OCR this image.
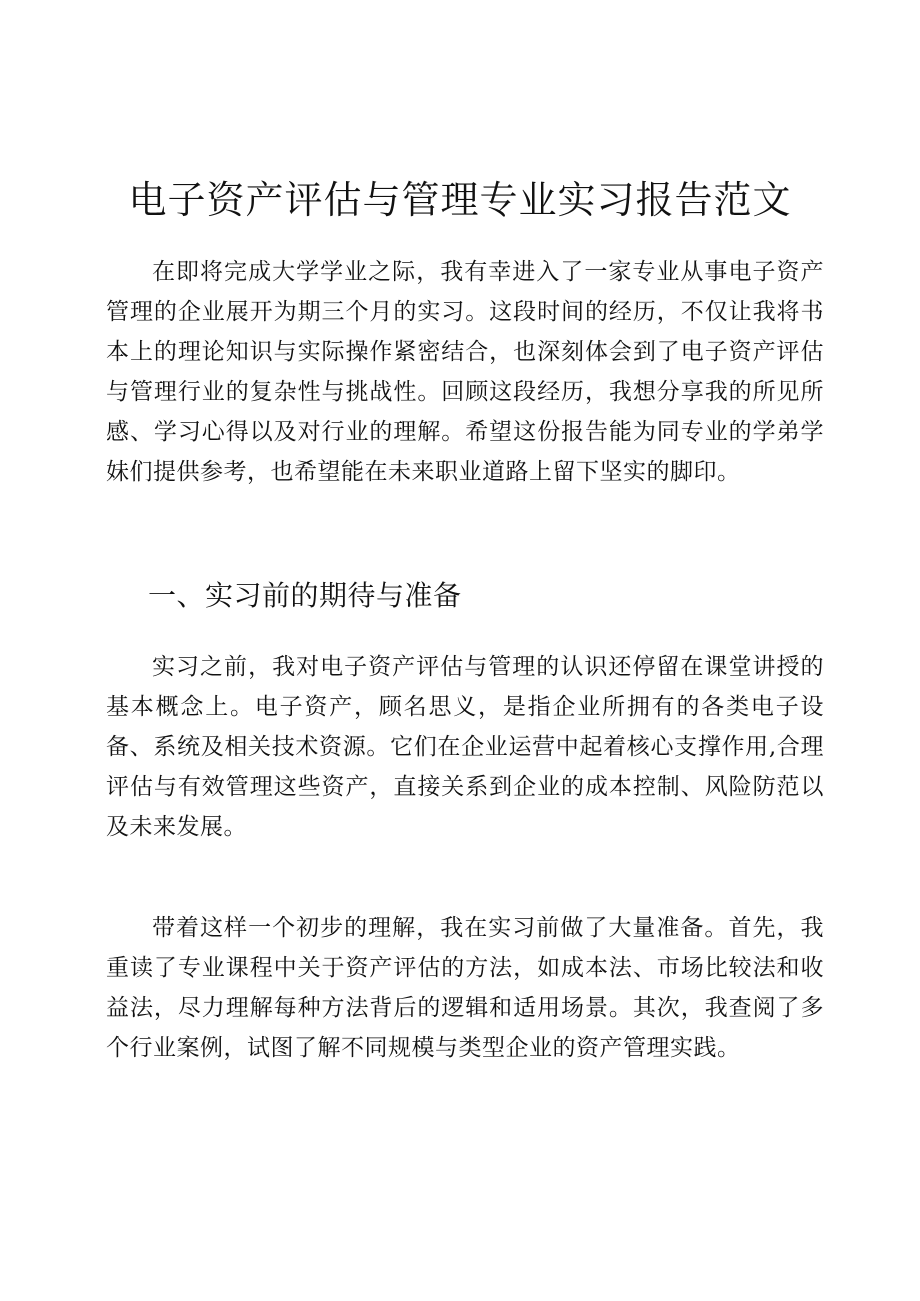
电子资产评估与管理专业实习报告范文

在即将完成大学学业之际，我有幸进入了一家专业从事电子资产管理的企业展开为期三个月的实习。这段时间的经历，不仅让我将书本上的理论知识与实际操作紧密结合，也深刻体会到了电子资产评估与管理行业的复杂性与挑战性。回顾这段经历，我想分享我的所见所感、学习心得以及对行业的理解。希望这份报告能为同专业的学弟学妹们提供参考，也希望能在未来职业道路上留下坚实的脚印。

一、实习前的期待与准备

实习之前，我对电子资产评估与管理的认识还停留在课堂讲授的基本概念上。电子资产，顾名思义，是指企业所拥有的各类电子设备、系统及相关技术资源。它们在企业运营中起着核心支撑作用,合理评估与有效管理这些资产，直接关系到企业的成本控制、风险防范以及未来发展。

带着这样一个初步的理解，我在实习前做了大量准备。首先，我重读了专业课程中关于资产评估的方法，如成本法、市场比较法和收益法，尽力理解每种方法背后的逻辑和适用场景。其次，我查阅了多个行业案例，试图了解不同规模与类型企业的资产管理实践。
